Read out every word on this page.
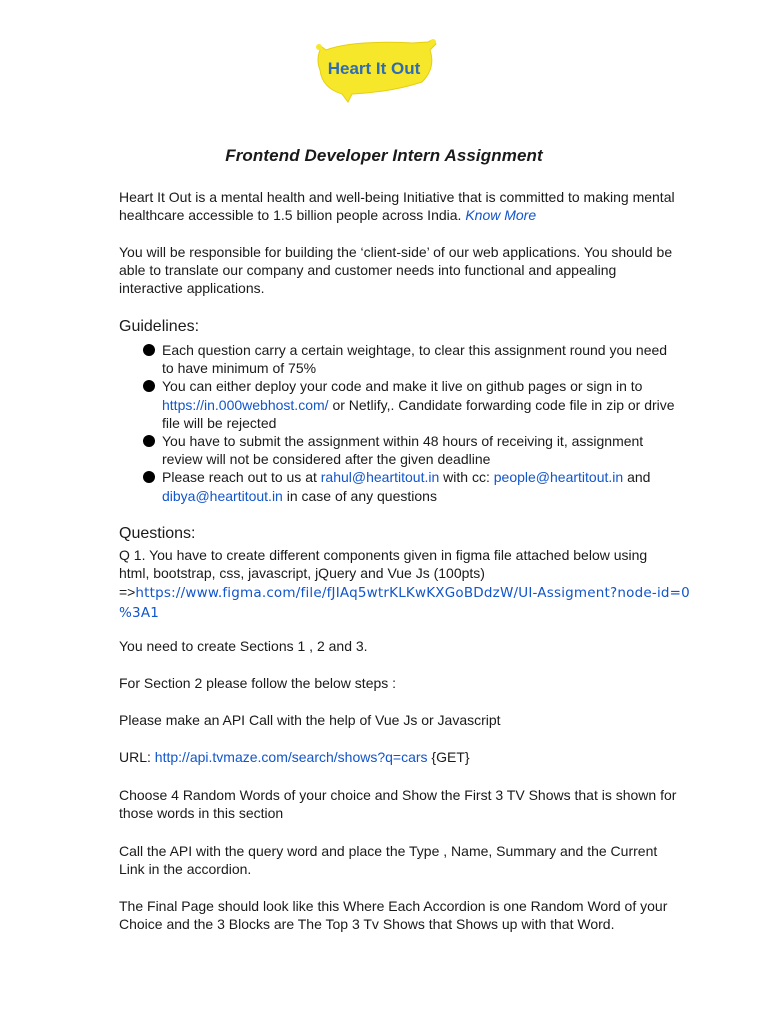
Heart It Out
Frontend Developer Intern Assignment

Heart It Out is a mental health and well-being Initiative that is committed to making mental healthcare accessible to 1.5 billion people across India. Know More

You will be responsible for building the ‘client-side’ of our web applications. You should be able to translate our company and customer needs into functional and appealing interactive applications.

Guidelines:
Each question carry a certain weightage, to clear this assignment round you need to have minimum of 75%
You can either deploy your code and make it live on github pages or sign in to https://in.000webhost.com/ or Netlify,. Candidate forwarding code file in zip or drive file will be rejected
You have to submit the assignment within 48 hours of receiving it, assignment review will not be considered after the given deadline
Please reach out to us at rahul@heartitout.in with cc: people@heartitout.in and dibya@heartitout.in in case of any questions
Questions:

Q 1. You have to create different components given in figma file attached below using html, bootstrap, css, javascript, jQuery and Vue Js (100pts)

=>https://www.figma.com/file/fJIAq5wtrKLKwKXGoBDdzW/UI-Assigment?node-id=0
%3A1
You need to create Sections 1 , 2 and 3.
For Section 2 please follow the below steps :
Please make an API Call with the help of Vue Js or Javascript
URL: http://api.tvmaze.com/search/shows?q=cars {GET}

Choose 4 Random Words of your choice and Show the First 3 TV Shows that is shown for those words in this section

Call the API with the query word and place the Type , Name, Summary and the Current Link in the accordion.

The Final Page should look like this Where Each Accordion is one Random Word of your Choice and the 3 Blocks are The Top 3 Tv Shows that Shows up with that Word.
